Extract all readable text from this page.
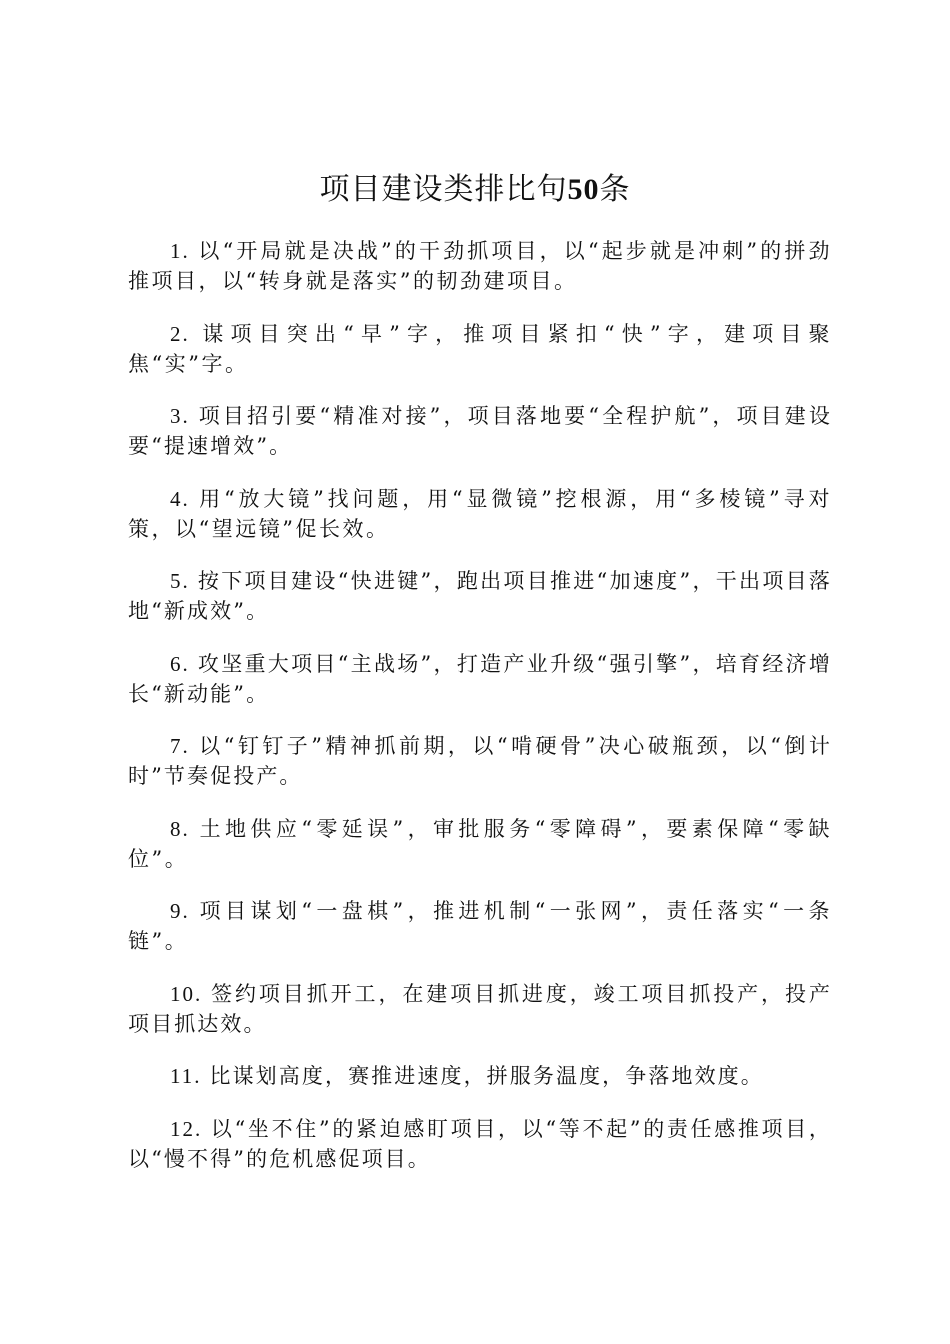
项目建设类排比句50条

1. 以“开局就是决战”的干劲抓项目，以“起步就是冲刺”的拼劲推项目，以“转身就是落实”的韧劲建项目。

2. 谋项目突出“早”字，推项目紧扣“快”字，建项目聚焦“实”字。

3. 项目招引要“精准对接”，项目落地要“全程护航”，项目建设要“提速增效”。

4. 用“放大镜”找问题，用“显微镜”挖根源，用“多棱镜”寻对策，以“望远镜”促长效。

5. 按下项目建设“快进键”，跑出项目推进“加速度”，干出项目落地“新成效”。

6. 攻坚重大项目“主战场”，打造产业升级“强引擎”，培育经济增长“新动能”。

7. 以“钉钉子”精神抓前期，以“啃硬骨”决心破瓶颈，以“倒计时”节奏促投产。

8. 土地供应“零延误”，审批服务“零障碍”，要素保障“零缺位”。

9. 项目谋划“一盘棋”，推进机制“一张网”，责任落实“一条链”。

10. 签约项目抓开工，在建项目抓进度，竣工项目抓投产，投产项目抓达效。

11. 比谋划高度，赛推进速度，拼服务温度，争落地效度。

12. 以“坐不住”的紧迫感盯项目，以“等不起”的责任感推项目，以“慢不得”的危机感促项目。
